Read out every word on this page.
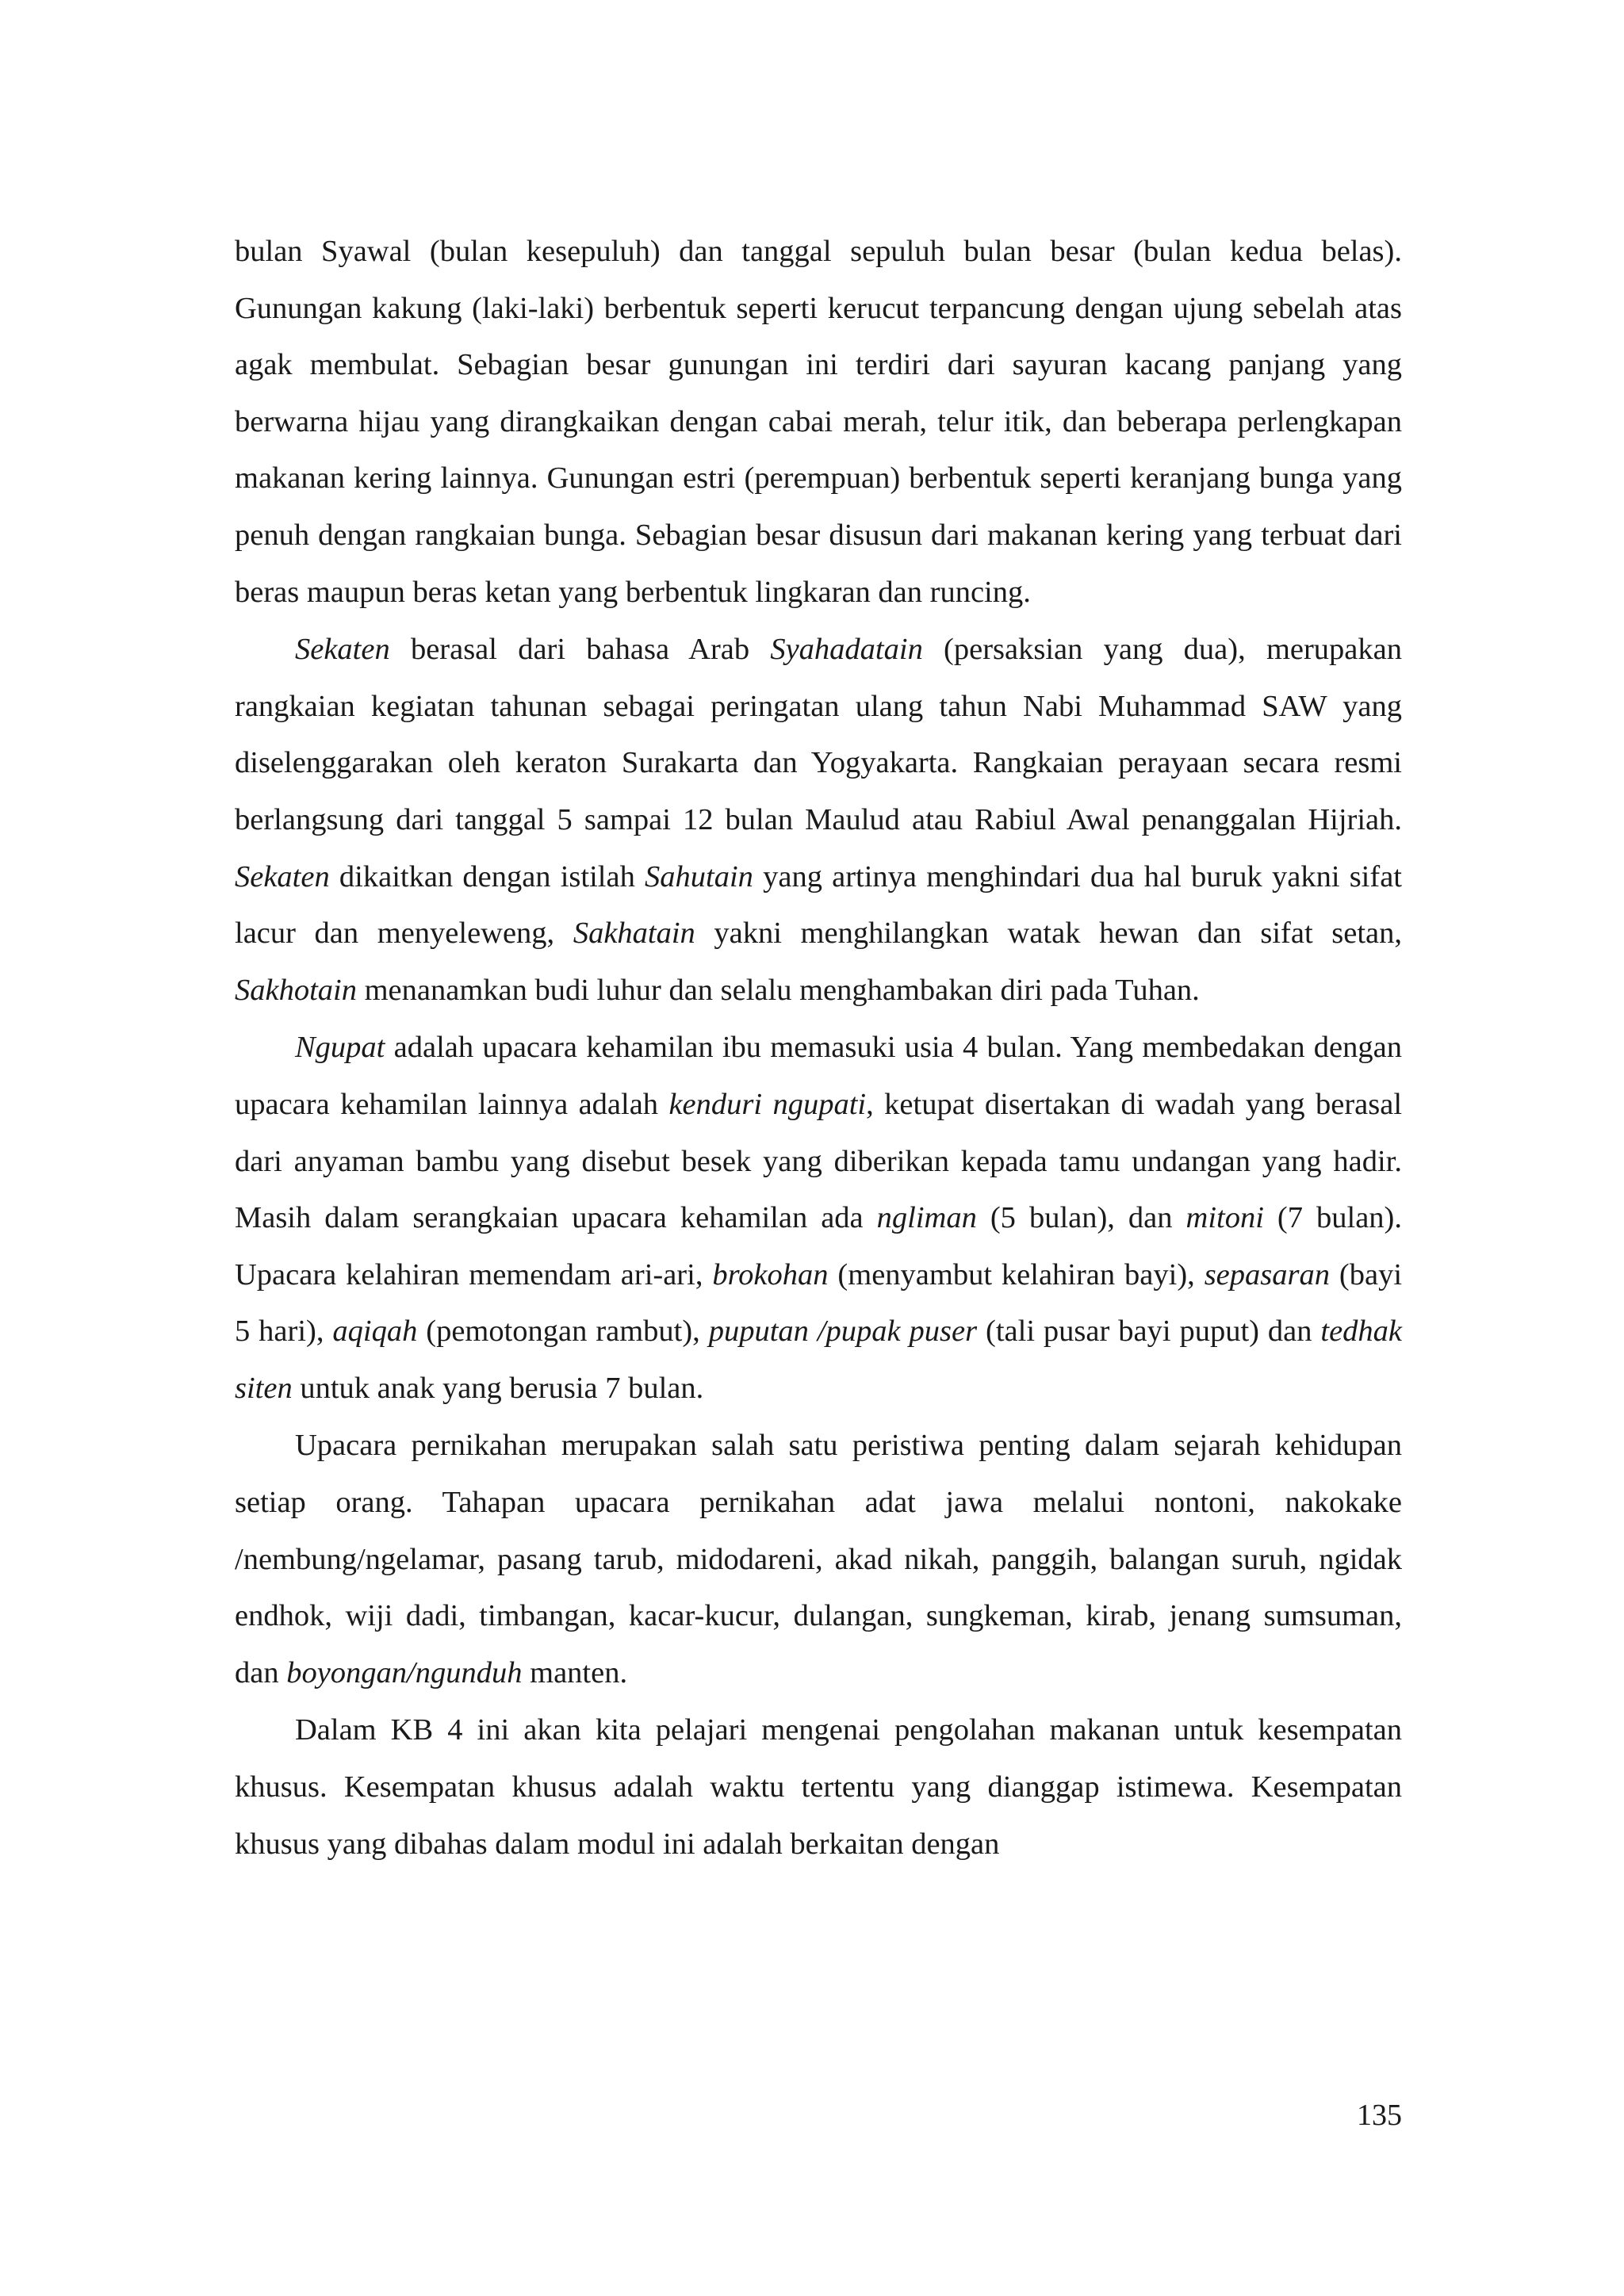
bulan Syawal (bulan kesepuluh) dan tanggal sepuluh bulan besar (bulan kedua belas). Gunungan kakung (laki-laki) berbentuk seperti kerucut terpancung dengan ujung sebelah atas agak membulat. Sebagian besar gunungan ini terdiri dari sayuran kacang panjang yang berwarna hijau yang dirangkaikan dengan cabai merah, telur itik, dan beberapa perlengkapan makanan kering lainnya. Gunungan estri (perempuan) berbentuk seperti keranjang bunga yang penuh dengan rangkaian bunga. Sebagian besar disusun dari makanan kering yang terbuat dari beras maupun beras ketan yang berbentuk lingkaran dan runcing.

Sekaten berasal dari bahasa Arab Syahadatain (persaksian yang dua), merupakan rangkaian kegiatan tahunan sebagai peringatan ulang tahun Nabi Muhammad SAW yang diselenggarakan oleh keraton Surakarta dan Yogyakarta. Rangkaian perayaan secara resmi berlangsung dari tanggal 5 sampai 12 bulan Maulud atau Rabiul Awal penanggalan Hijriah. Sekaten dikaitkan dengan istilah Sahutain yang artinya menghindari dua hal buruk yakni sifat lacur dan menyeleweng, Sakhatain yakni menghilangkan watak hewan dan sifat setan, Sakhotain menanamkan budi luhur dan selalu menghambakan diri pada Tuhan.

Ngupat adalah upacara kehamilan ibu memasuki usia 4 bulan. Yang membedakan dengan upacara kehamilan lainnya adalah kenduri ngupati, ketupat disertakan di wadah yang berasal dari anyaman bambu yang disebut besek yang diberikan kepada tamu undangan yang hadir. Masih dalam serangkaian upacara kehamilan ada ngliman (5 bulan), dan mitoni (7 bulan). Upacara kelahiran memendam ari-ari, brokohan (menyambut kelahiran bayi), sepasaran (bayi 5 hari), aqiqah (pemotongan rambut), puputan /pupak puser (tali pusar bayi puput) dan tedhak siten untuk anak yang berusia 7 bulan.

Upacara pernikahan merupakan salah satu peristiwa penting dalam sejarah kehidupan setiap orang. Tahapan upacara pernikahan adat jawa melalui nontoni, nakokake /nembung/ngelamar, pasang tarub, midodareni, akad nikah, panggih, balangan suruh, ngidak endhok, wiji dadi, timbangan, kacar-kucur, dulangan, sungkeman, kirab, jenang sumsuman, dan boyongan/ngunduh manten.

Dalam KB 4 ini akan kita pelajari mengenai pengolahan makanan untuk kesempatan khusus. Kesempatan khusus adalah waktu tertentu yang dianggap istimewa. Kesempatan khusus yang dibahas dalam modul ini adalah berkaitan dengan

135
